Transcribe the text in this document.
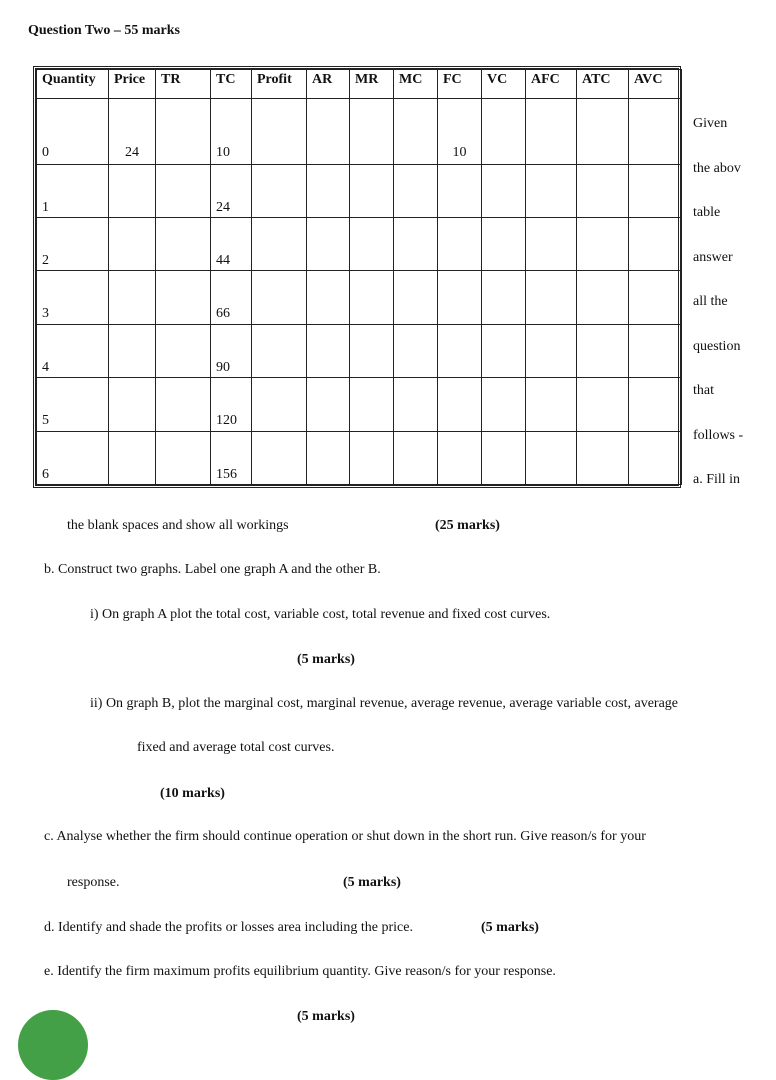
Question Two – 55 marks
Quantity	Price	TR	TC	Profit	AR	MR	MC	FC	VC	AFC	ATC	AVC
0	24		10					10				
1			24									
2			44									
3			66									
4			90									
5			120									
6			156									
Given
the abov
table
answer
all the
question
that
follows -
a. Fill in
the blank spaces and show all workings	(25 marks)
b. Construct two graphs. Label one graph A and the other B.
i) On graph A plot the total cost, variable cost, total revenue and fixed cost curves.
(5 marks)
ii) On graph B, plot the marginal cost, marginal revenue, average revenue, average variable cost, average
fixed and average total cost curves.
(10 marks)
c. Analyse whether the firm should continue operation or shut down in the short run. Give reason/s for your
response.	(5 marks)
d. Identify and shade the profits or losses area including the price.	(5 marks)
e. Identify the firm maximum profits equilibrium quantity. Give reason/s for your response.
(5 marks)
